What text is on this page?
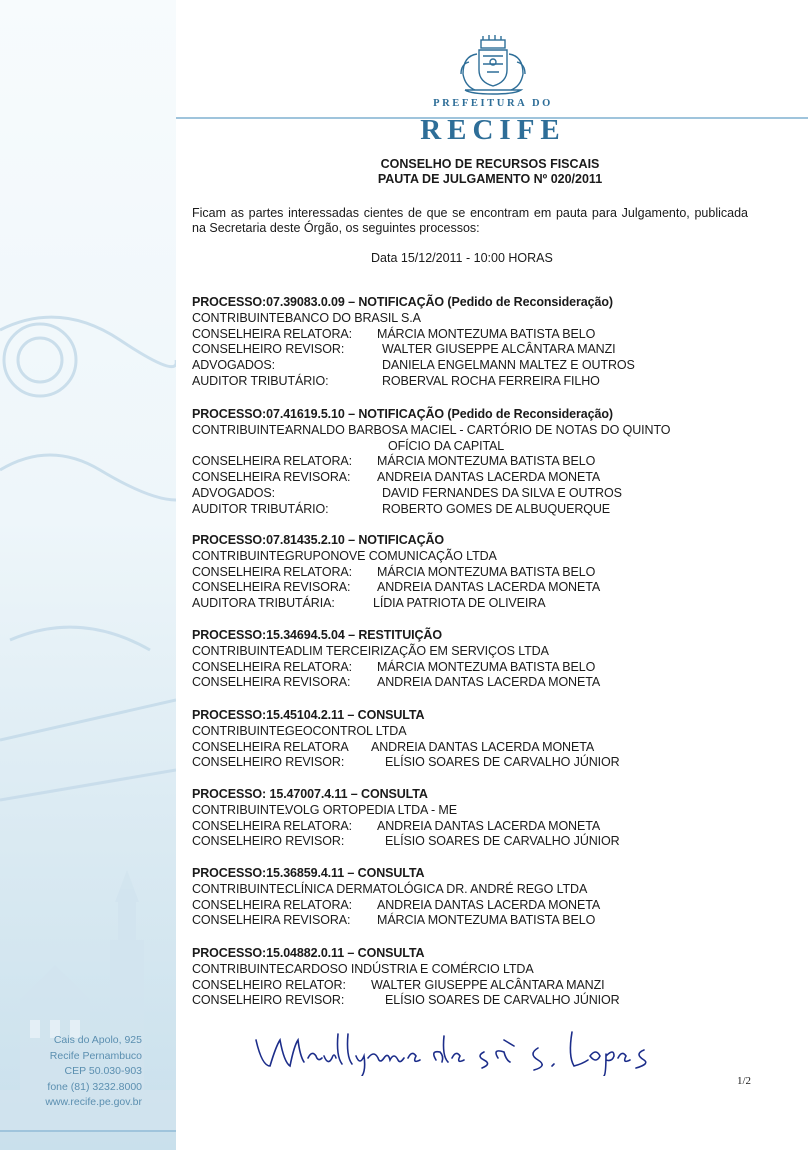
Cais do Apolo, 925
Recife Pernambuco
CEP 50.030-903
fone (81) 3232.8000
www.recife.pe.gov.br
PREFEITURA DO
RECIFE
CONSELHO DE RECURSOS FISCAIS
PAUTA DE JULGAMENTO Nº 020/2011
Ficam as partes interessadas cientes de que se encontram em pauta para Julgamento, publicada na Secretaria deste Órgão, os seguintes processos:
Data 15/12/2011 - 10:00 HORAS
PROCESSO:07.39083.0.09 – NOTIFICAÇÃO (Pedido de Reconsideração)
CONTRIBUINTE:
BANCO DO BRASIL S.A
CONSELHEIRA RELATORA: MÁRCIA MONTEZUMA BATISTA BELO
CONSELHEIRO REVISOR:	WALTER GIUSEPPE ALCÂNTARA MANZI
ADVOGADOS:	DANIELA ENGELMANN MALTEZ E OUTROS
AUDITOR TRIBUTÁRIO:	ROBERVAL ROCHA FERREIRA FILHO
PROCESSO:07.41619.5.10 – NOTIFICAÇÃO (Pedido de Reconsideração)
CONTRIBUINTE:
ARNALDO BARBOSA MACIEL - CARTÓRIO DE NOTAS DO QUINTO
OFÍCIO DA CAPITAL
CONSELHEIRA RELATORA: MÁRCIA MONTEZUMA BATISTA BELO
CONSELHEIRA REVISORA: ANDREIA DANTAS LACERDA MONETA
ADVOGADOS:	DAVID FERNANDES DA SILVA E OUTROS
AUDITOR TRIBUTÁRIO:	ROBERTO GOMES DE ALBUQUERQUE
PROCESSO:07.81435.2.10 – NOTIFICAÇÃO
CONTRIBUINTE:
GRUPONOVE COMUNICAÇÃO LTDA
CONSELHEIRA RELATORA: MÁRCIA MONTEZUMA BATISTA BELO
CONSELHEIRA REVISORA: ANDREIA DANTAS LACERDA MONETA
AUDITORA TRIBUTÁRIA:	LÍDIA PATRIOTA DE OLIVEIRA
PROCESSO:15.34694.5.04 – RESTITUIÇÃO
CONTRIBUINTE:
ADLIM TERCEIRIZAÇÃO EM SERVIÇOS LTDA
CONSELHEIRA RELATORA: MÁRCIA MONTEZUMA BATISTA BELO
CONSELHEIRA REVISORA: ANDREIA DANTAS LACERDA MONETA
PROCESSO:15.45104.2.11 – CONSULTA
CONTRIBUINTE:
GEOCONTROL LTDA
CONSELHEIRA RELATORA ANDREIA DANTAS LACERDA MONETA
CONSELHEIRO REVISOR:	ELÍSIO SOARES DE CARVALHO JÚNIOR
PROCESSO: 15.47007.4.11 – CONSULTA
CONTRIBUINTE:
VOLG ORTOPEDIA LTDA - ME
CONSELHEIRA RELATORA: ANDREIA DANTAS LACERDA MONETA
CONSELHEIRO REVISOR:	ELÍSIO SOARES DE CARVALHO JÚNIOR
PROCESSO:15.36859.4.11 – CONSULTA
CONTRIBUINTE:
CLÍNICA DERMATOLÓGICA DR. ANDRÉ REGO LTDA
CONSELHEIRA RELATORA: ANDREIA DANTAS LACERDA MONETA
CONSELHEIRA REVISORA: MÁRCIA MONTEZUMA BATISTA BELO
PROCESSO:15.04882.0.11 – CONSULTA
CONTRIBUINTE:
CARDOSO INDÚSTRIA E COMÉRCIO LTDA
CONSELHEIRO RELATOR: WALTER GIUSEPPE ALCÂNTARA MANZI
CONSELHEIRO REVISOR:	ELÍSIO SOARES DE CARVALHO JÚNIOR
1/2
